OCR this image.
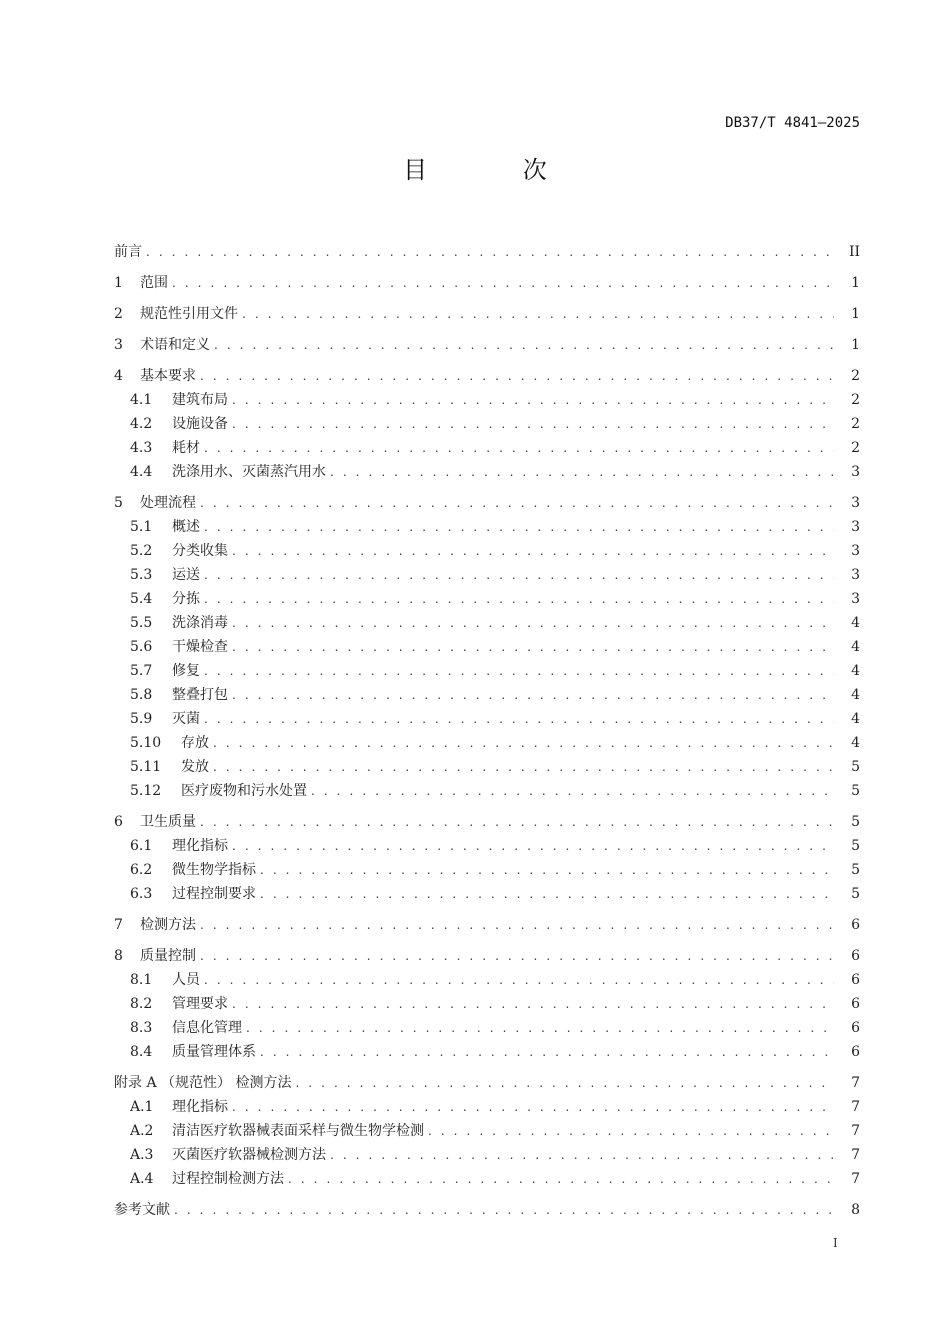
DB37/T 4841—2025
目 次
前言 . . .	II
1	范围 . . .	1
2	规范性引用文件 . . .	1
3	术语和定义 . . .	1
4	基本要求 . . .	2
4.1	建筑布局 . . .	2
4.2	设施设备 . . .	2
4.3	耗材 . . .	2
4.4	洗涤用水、灭菌蒸汽用水 . . .	3
5	处理流程 . . .	3
5.1	概述 . . .	3
5.2	分类收集 . . .	3
5.3	运送 . . .	3
5.4	分拣 . . .	3
5.5	洗涤消毒 . . .	4
5.6	干燥检查 . . .	4
5.7	修复 . . .	4
5.8	整叠打包 . . .	4
5.9	灭菌 . . .	4
5.10	存放 . . .	4
5.11	发放 . . .	5
5.12	医疗废物和污水处置 . . .	5
6	卫生质量 . . .	5
6.1	理化指标 . . .	5
6.2	微生物学指标 . . .	5
6.3	过程控制要求 . . .	5
7	检测方法 . . .	6
8	质量控制 . . .	6
8.1	人员 . . .	6
8.2	管理要求 . . .	6
8.3	信息化管理 . . .	6
8.4	质量管理体系 . . .	6
附录 A （规范性） 检测方法 . . .	7
A.1	理化指标 . . .	7
A.2	清洁医疗软器械表面采样与微生物学检测 . . .	7
A.3	灭菌医疗软器械检测方法 . . .	7
A.4	过程控制检测方法 . . .	7
参考文献 . . .	8
I
